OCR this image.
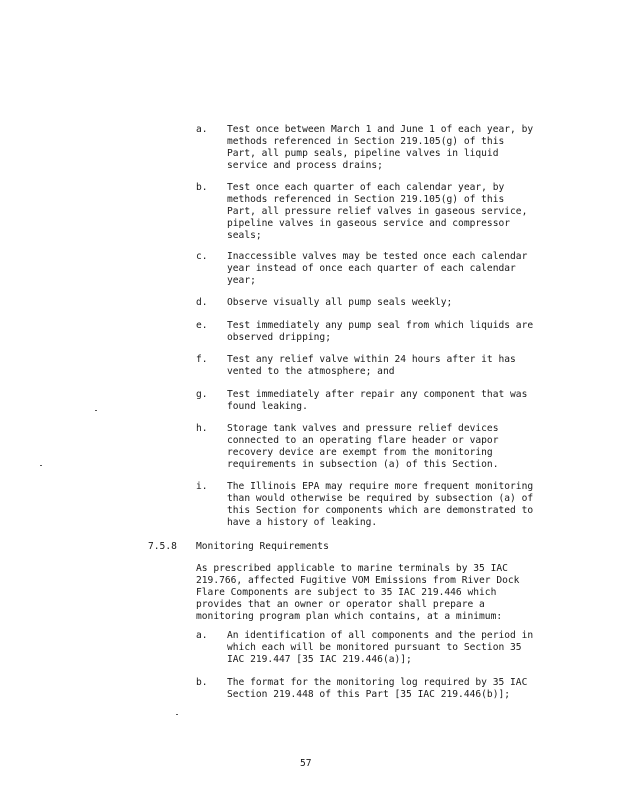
a. Test once between March 1 and June 1 of each year, by
methods referenced in Section 219.105(g) of this
Part, all pump seals, pipeline valves in liquid
service and process drains;
b. Test once each quarter of each calendar year, by
methods referenced in Section 219.105(g) of this
Part, all pressure relief valves in gaseous service,
pipeline valves in gaseous service and compressor
seals;
c. Inaccessible valves may be tested once each calendar
year instead of once each quarter of each calendar
year;
d. Observe visually all pump seals weekly;
e. Test immediately any pump seal from which liquids are
observed dripping;
f. Test any relief valve within 24 hours after it has
vented to the atmosphere; and
g. Test immediately after repair any component that was
found leaking.
h. Storage tank valves and pressure relief devices
connected to an operating flare header or vapor
recovery device are exempt from the monitoring
requirements in subsection (a) of this Section.
i. The Illinois EPA may require more frequent monitoring
than would otherwise be required by subsection (a) of
this Section for components which are demonstrated to
have a history of leaking.
7.5.8 Monitoring Requirements
As prescribed applicable to marine terminals by 35 IAC
219.766, affected Fugitive VOM Emissions from River Dock
Flare Components are subject to 35 IAC 219.446 which
provides that an owner or operator shall prepare a
monitoring program plan which contains, at a minimum:
a. An identification of all components and the period in
which each will be monitored pursuant to Section 35
IAC 219.447 [35 IAC 219.446(a)];
b. The format for the monitoring log required by 35 IAC
Section 219.448 of this Part [35 IAC 219.446(b)];
57
